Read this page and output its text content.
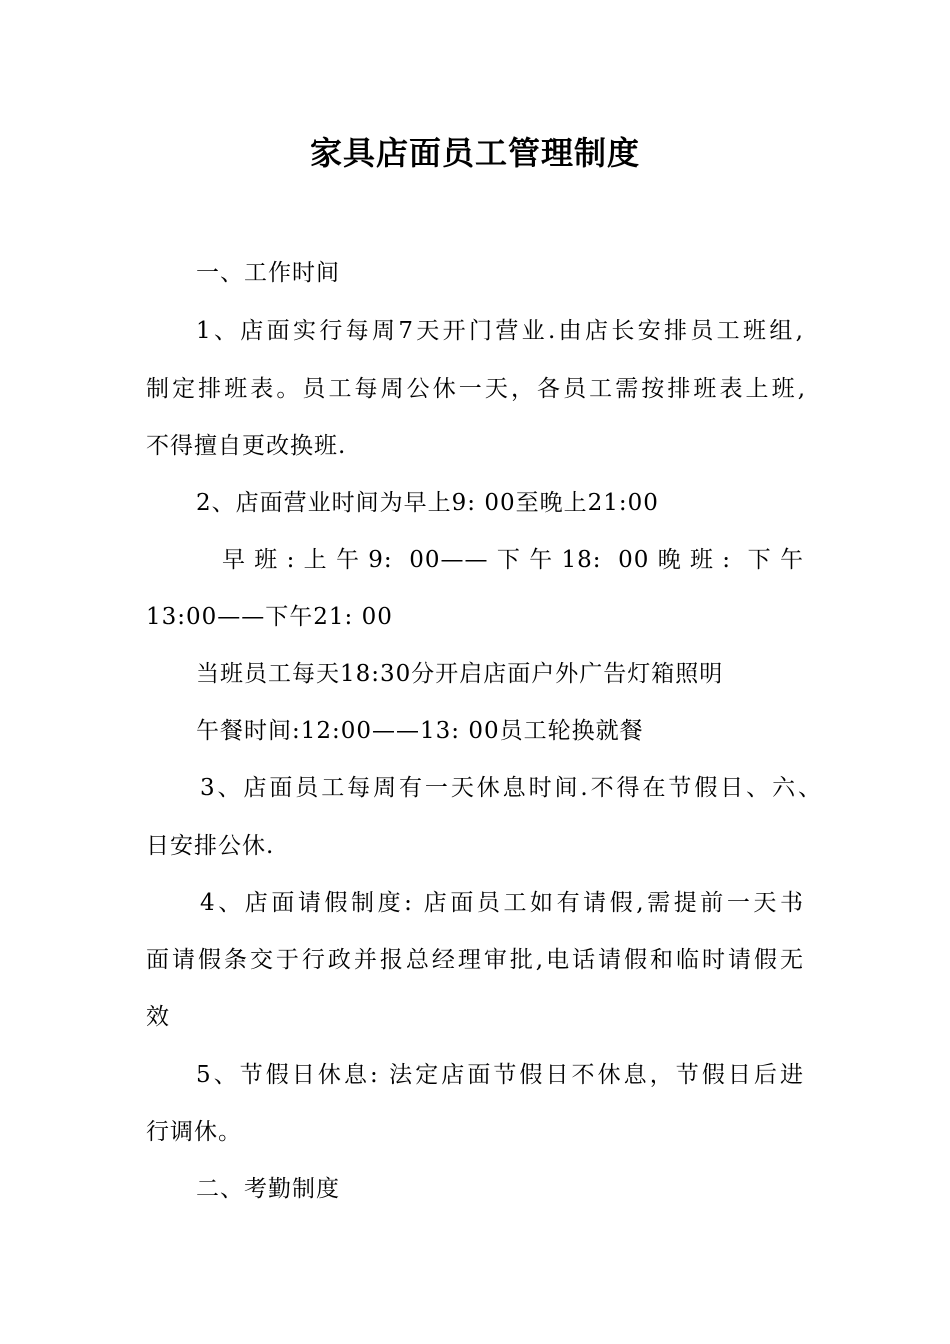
家具店面员工管理制度
一、工作时间
1、店面实行每周7天开门营业.由店长安排员工班组,
制定排班表。员工每周公休一天，各员工需按排班表上班,
不得擅自更改换班.
2、店面营业时间为早上9: 00至晚上21:00
早班:上午9: 00——下午18: 00晚班: 下午
13:00——下午21: 00
当班员工每天18:30分开启店面户外广告灯箱照明
午餐时间:12:00——13: 00员工轮换就餐
3、店面员工每周有一天休息时间.不得在节假日、六、
日安排公休.
4、店面请假制度: 店面员工如有请假,需提前一天书
面请假条交于行政并报总经理审批,电话请假和临时请假无
效
5、节假日休息: 法定店面节假日不休息，节假日后进
行调休。
二、考勤制度
